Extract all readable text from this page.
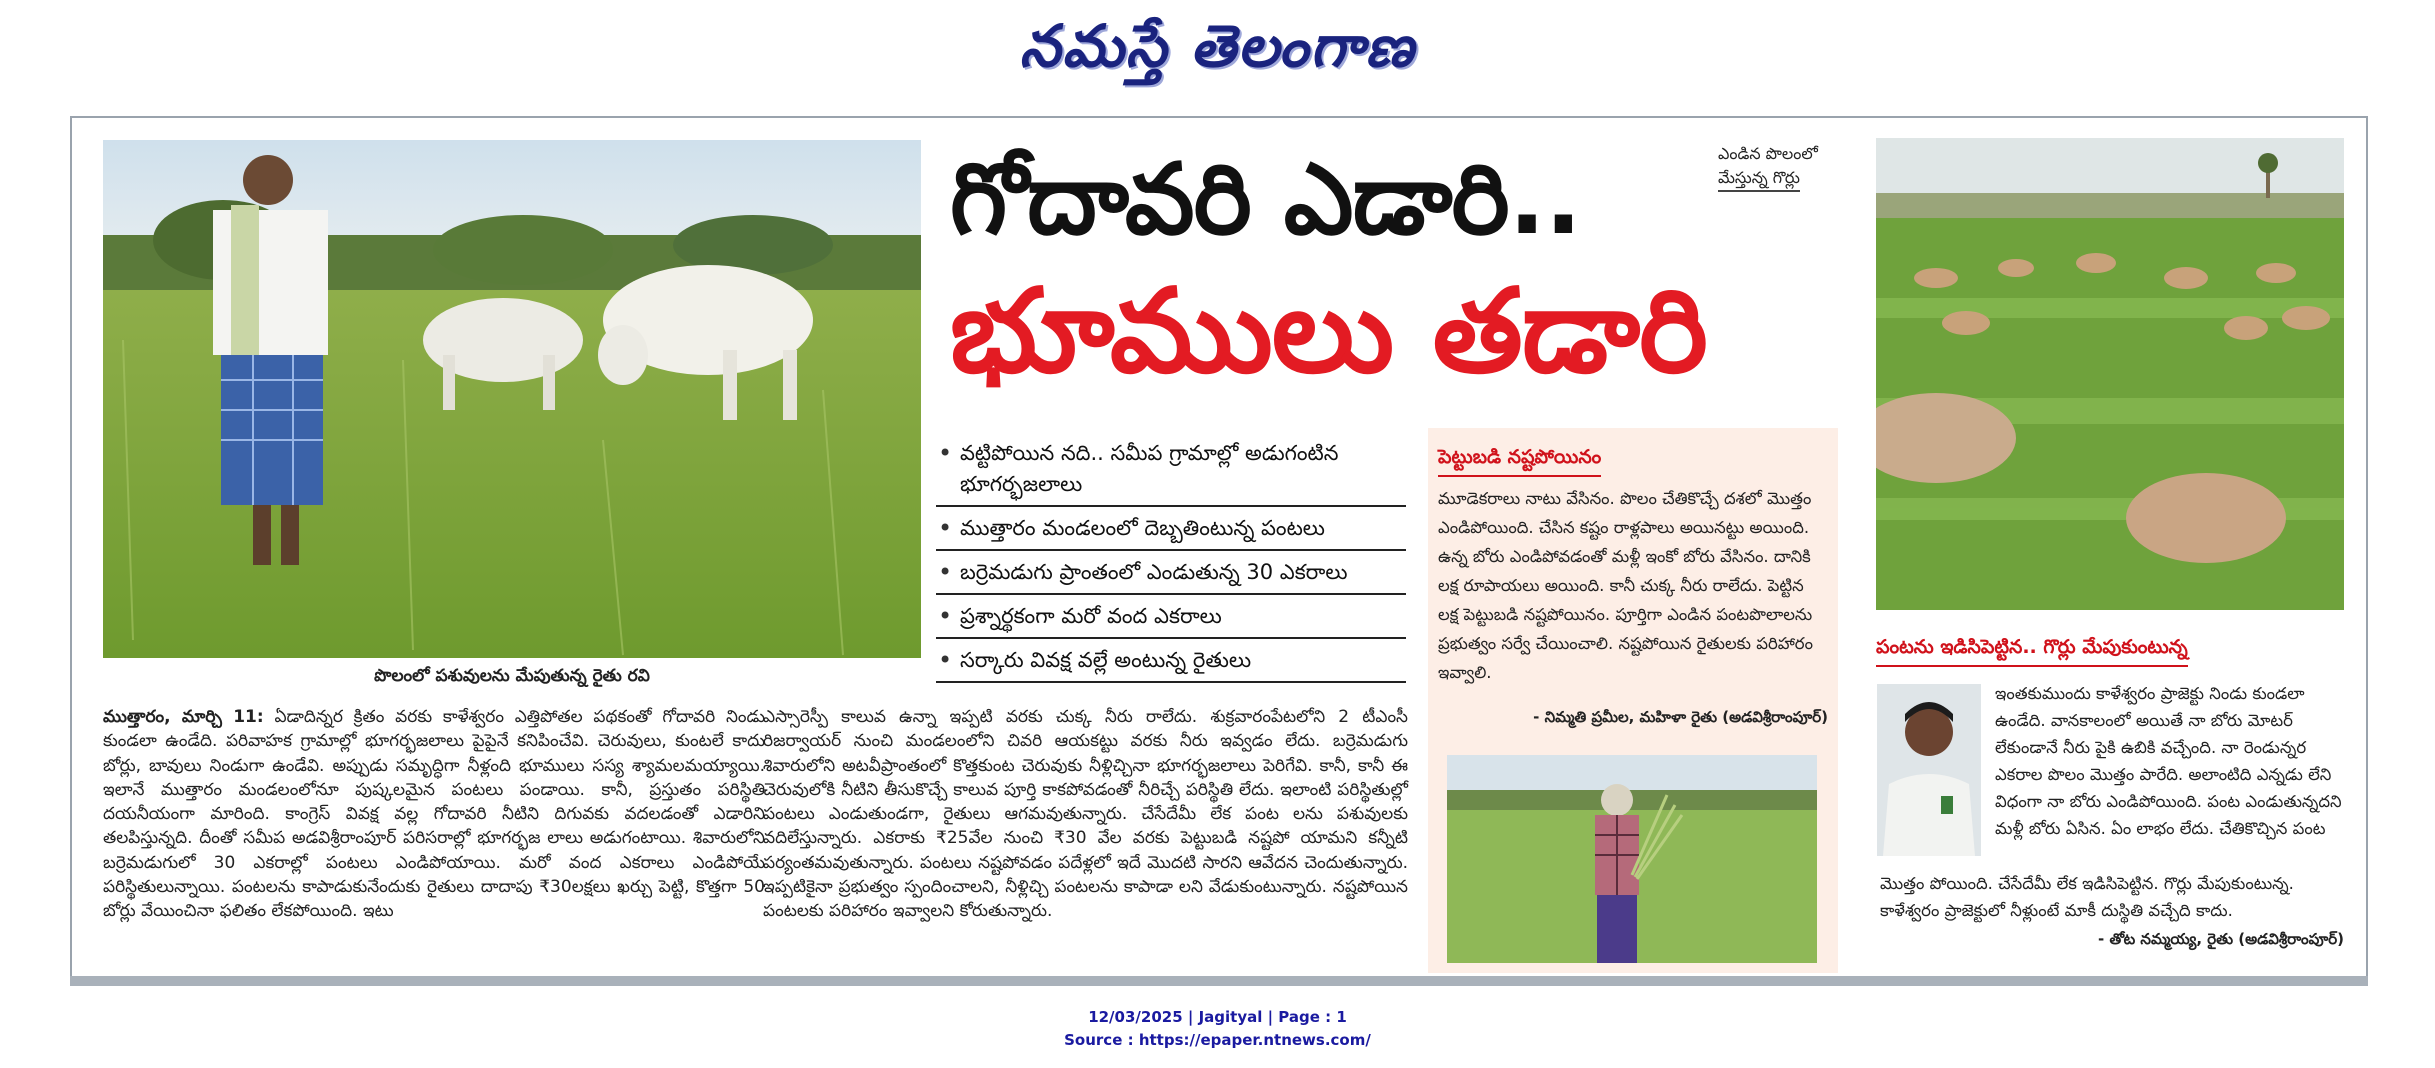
నమస్తే తెలంగాణ
పొలంలో పశువులను మేపుతున్న రైతు రవి
గోదావరి ఎడారి..
భూములు తడారి
ఎండిన పొలంలో
మేస్తున్న గొర్లు
• వట్టిపోయిన నది.. సమీప గ్రామాల్లో అడుగంటిన భూగర్భజలాలు
• ముత్తారం మండలంలో దెబ్బతింటున్న పంటలు
• బర్రెమడుగు ప్రాంతంలో ఎండుతున్న 30 ఎకరాలు
• ప్రశ్నార్థకంగా మరో వంద ఎకరాలు
• సర్కారు వివక్ష వల్లే అంటున్న రైతులు
పెట్టుబడి నష్టపోయినం
మూడెకరాలు నాటు వేసినం. పొలం చేతికొచ్చే దశలో మొత్తం ఎండిపోయింది. చేసిన కష్టం రాళ్లపాలు అయినట్టు అయింది. ఉన్న బోరు ఎండిపోవడంతో మళ్లీ ఇంకో బోరు వేసినం. దానికి లక్ష రూపాయలు అయింది. కానీ చుక్క నీరు రాలేదు. పెట్టిన లక్ష పెట్టుబడి నష్టపోయినం. పూర్తిగా ఎండిన పంటపొలాలను ప్రభుత్వం సర్వే చేయించాలి. నష్టపోయిన రైతులకు పరిహారం ఇవ్వాలి.
- నిమ్మతి ప్రమీల, మహిళా రైతు (అడవిశ్రీరాంపూర్)
ముత్తారం, మార్చి 11: ఏడాదిన్నర క్రితం వరకు కాళేశ్వరం ఎత్తిపోతల పథకంతో గోదావరి నిండు కుండలా ఉండేది. పరివాహక గ్రామాల్లో భూగర్భజలాలు పైపైనే కనిపించేవి. చెరువులు, కుంటలే కాదు బోర్లు, బావులు నిండుగా ఉండేవి. అప్పుడు సమృద్ధిగా నీళ్లంది భూములు సస్య శ్యామలమయ్యాయి. ఇలానే ముత్తారం మండలంలోనూ పుష్కలమైన పంటలు పండాయి. కానీ, ప్రస్తుతం పరిస్థితి దయనీయంగా మారింది. కాంగ్రెస్ వివక్ష వల్ల గోదావరి నీటిని దిగువకు వదలడంతో ఎడారిని తలపిస్తున్నది. దీంతో సమీప అడవిశ్రీరాంపూర్ పరిసరాల్లో భూగర్భజ లాలు అడుగంటాయి. శివారులోని బర్రెమడుగులో 30 ఎకరాల్లో పంటలు ఎండిపోయాయి. మరో వంద ఎకరాలు ఎండిపోయే పరిస్థితులున్నాయి. పంటలను కాపాడుకునేందుకు రైతులు దాదాపు ₹30లక్షలు ఖర్చు పెట్టి, కొత్తగా 50 బోర్లు వేయించినా ఫలితం లేకపోయింది. ఇటు
ఎస్సారెస్పీ కాలువ ఉన్నా ఇప్పటి వరకు చుక్క నీరు రాలేదు. శుక్రవారంపేటలోని 2 టీఎంసీ రిజర్వాయర్ నుంచి మండలంలోని చివరి ఆయకట్టు వరకు నీరు ఇవ్వడం లేదు. బర్రెమడుగు శివారులోని అటవీప్రాంతంలో కొత్తకుంట చెరువుకు నీళ్లిచ్చినా భూగర్భజలాలు పెరిగేవి. కానీ, కానీ ఈ చెరువులోకి నీటిని తీసుకొచ్చే కాలువ పూర్తి కాకపోవడంతో నీరిచ్చే పరిస్థితి లేదు. ఇలాంటి పరిస్థితుల్లో పంటలు ఎండుతుండగా, రైతులు ఆగమవుతున్నారు. చేసేదేమీ లేక పంట లను పశువులకు వదిలేస్తున్నారు. ఎకరాకు ₹25వేల నుంచి ₹30 వేల వరకు పెట్టుబడి నష్టపో యామని కన్నీటి పర్యంతమవుతున్నారు. పంటలు నష్టపోవడం పదేళ్లలో ఇదే మొదటి సారని ఆవేదన చెందుతున్నారు. ఇప్పటికైనా ప్రభుత్వం స్పందించాలని, నీళ్లిచ్చి పంటలను కాపాడా లని వేడుకుంటున్నారు. నష్టపోయిన పంటలకు పరిహారం ఇవ్వాలని కోరుతున్నారు.
పంటను ఇడిసిపెట్టిన.. గొర్లు మేపుకుంటున్న
ఇంతకుముందు కాళేశ్వరం ప్రాజెక్టు నిండు కుండలా ఉండేది. వానకాలంలో అయితే నా బోరు మోటర్ లేకుండానే నీరు పైకి ఉబికి వచ్చేంది. నా రెండున్నర ఎకరాల పొలం మొత్తం పారేది. అలాంటిది ఎన్నడు లేని విధంగా నా బోరు ఎండిపోయింది. పంట ఎండుతున్నదని మళ్లీ బోరు ఏసిన. ఏం లాభం లేదు. చేతికొచ్చిన పంట
మొత్తం పోయింది. చేసేదేమీ లేక ఇడిసిపెట్టిన. గొర్లు మేపుకుంటున్న. కాళేశ్వరం ప్రాజెక్టులో నీళ్లుంటే మాకీ దుస్థితి వచ్చేది కాదు.
- తోట నమ్మయ్య, రైతు (అడవిశ్రీరాంపూర్)
12/03/2025 | Jagityal | Page : 1
Source : https://epaper.ntnews.com/
